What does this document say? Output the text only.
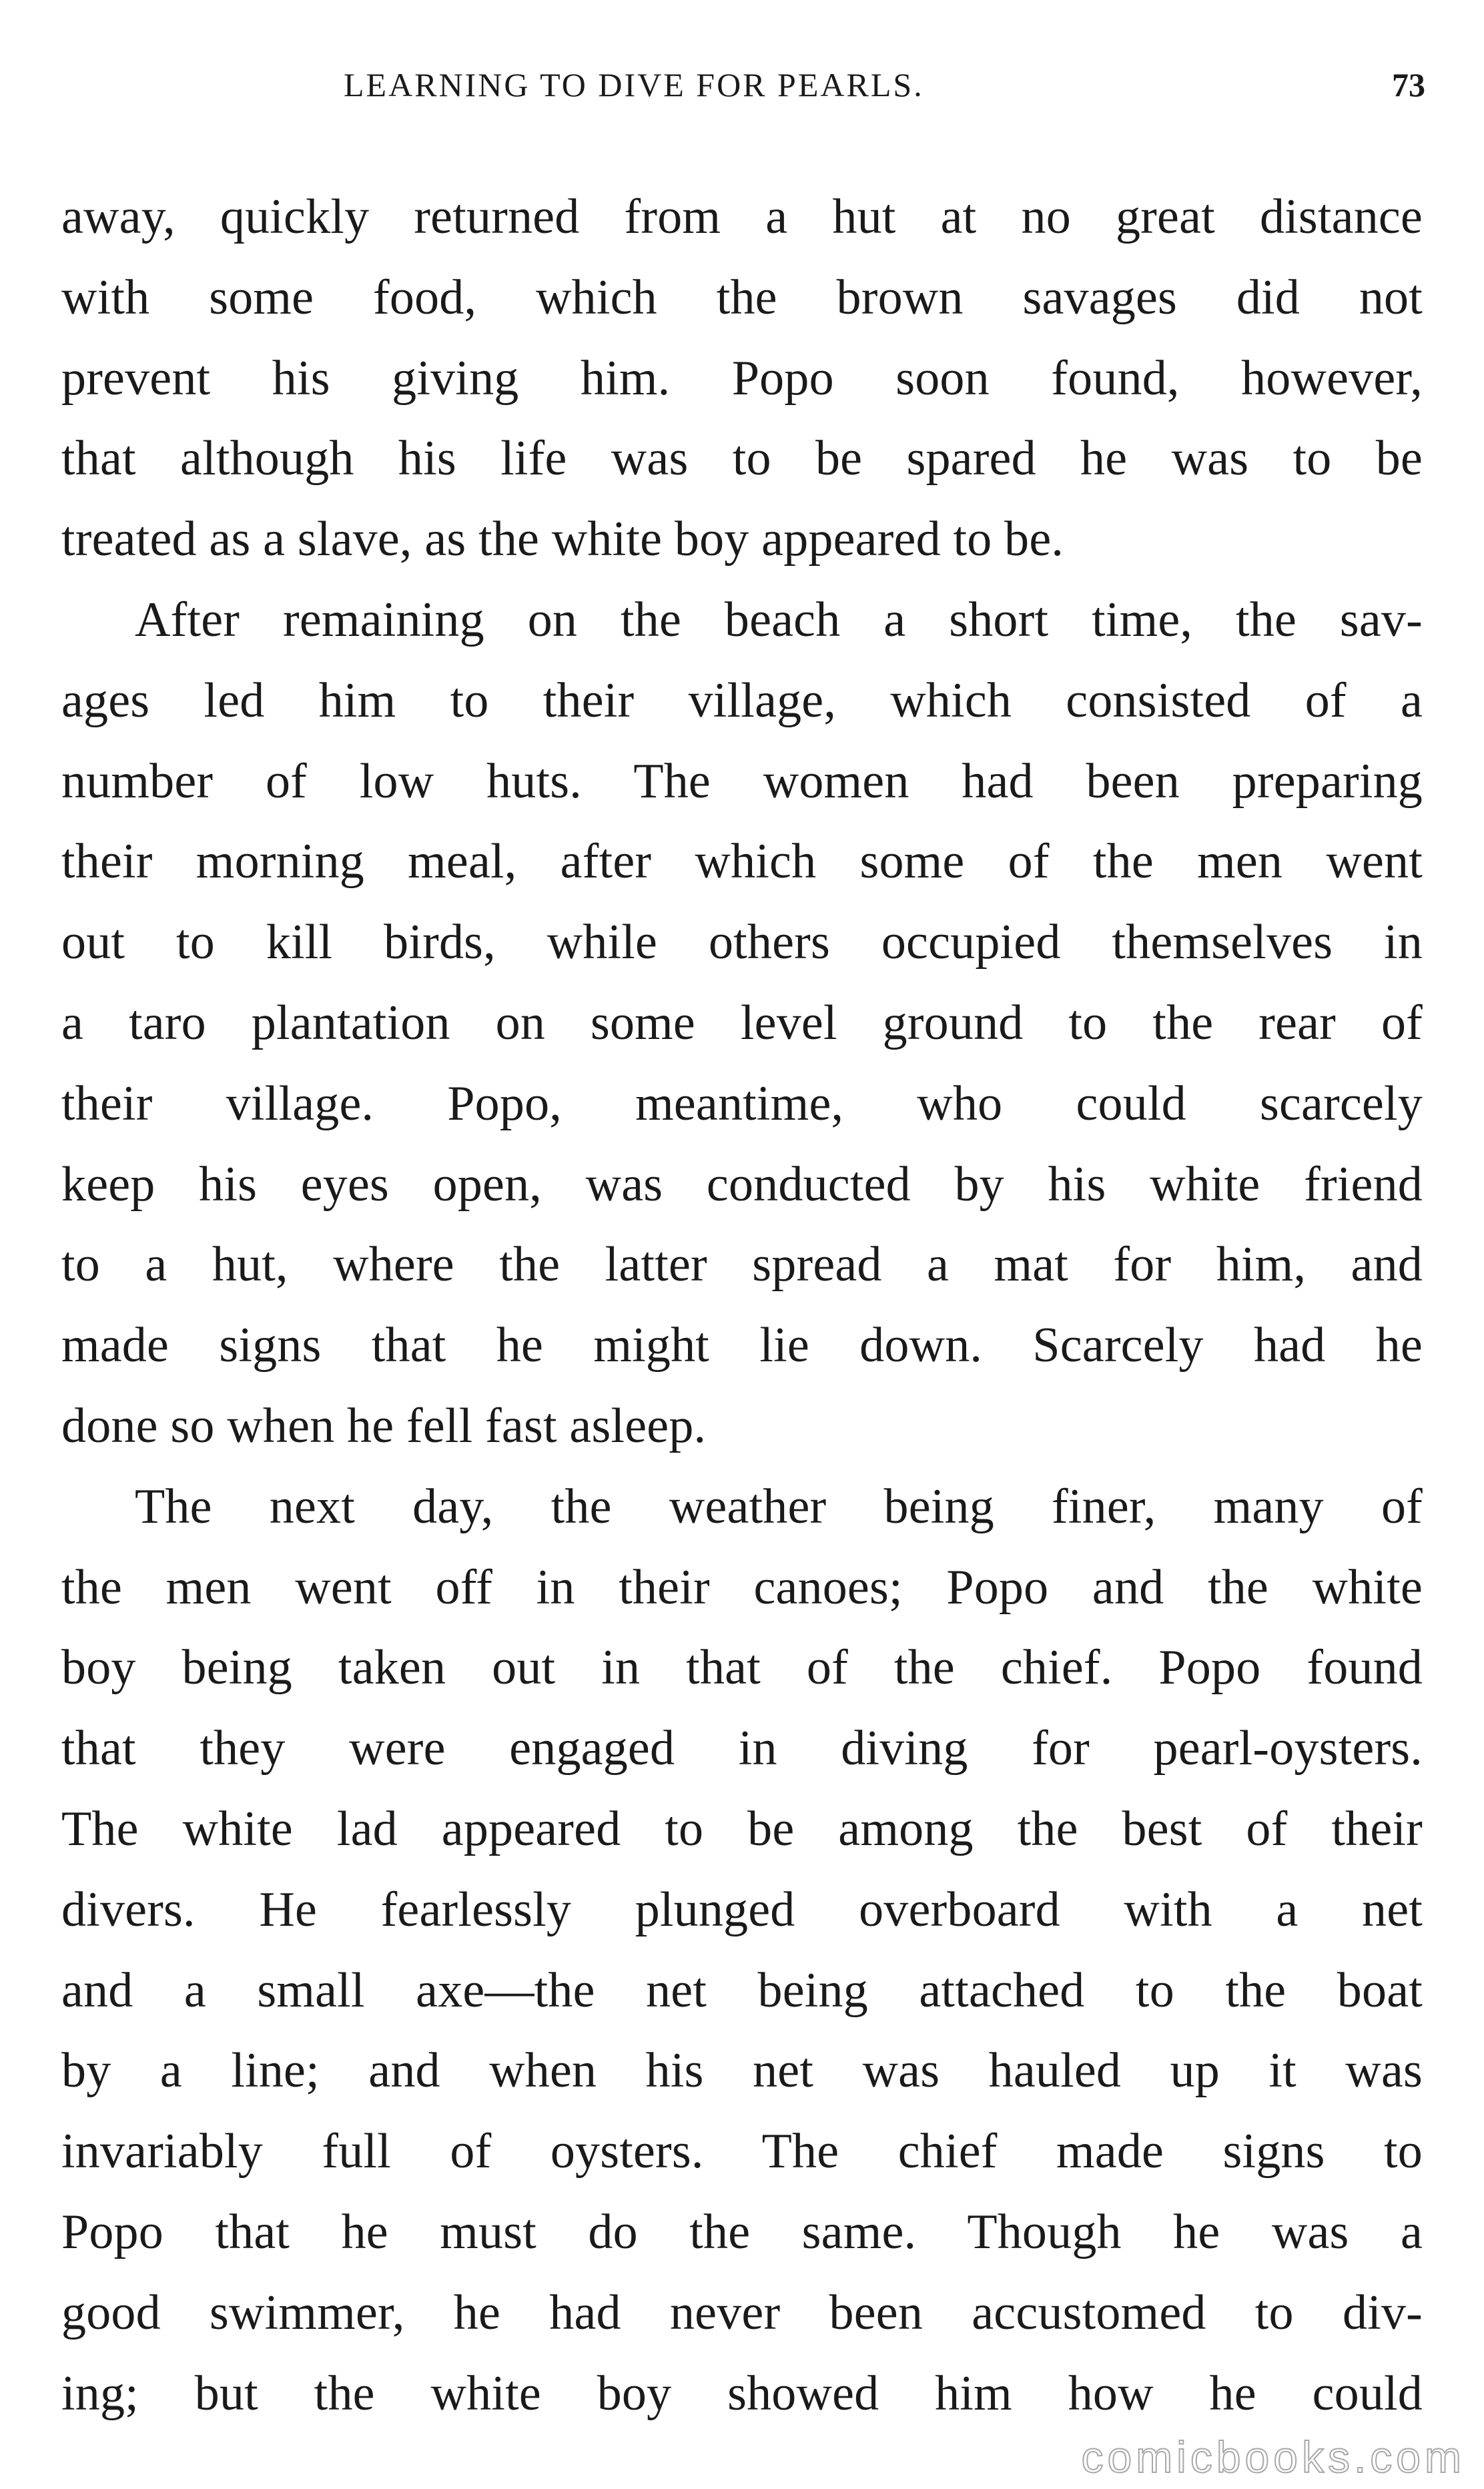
LEARNING TO DIVE FOR PEARLS.	73
away, quickly returned from a hut at no great distance
with some food, which the brown savages did not
prevent his giving him. Popo soon found, however,
that although his life was to be spared he was to be
treated as a slave, as the white boy appeared to be.
After remaining on the beach a short time, the sav-
ages led him to their village, which consisted of a
number of low huts. The women had been preparing
their morning meal, after which some of the men went
out to kill birds, while others occupied themselves in
a taro plantation on some level ground to the rear of
their village. Popo, meantime, who could scarcely
keep his eyes open, was conducted by his white friend
to a hut, where the latter spread a mat for him, and
made signs that he might lie down. Scarcely had he
done so when he fell fast asleep.
The next day, the weather being finer, many of
the men went off in their canoes; Popo and the white
boy being taken out in that of the chief. Popo found
that they were engaged in diving for pearl-oysters.
The white lad appeared to be among the best of their
divers. He fearlessly plunged overboard with a net
and a small axe—the net being attached to the boat
by a line; and when his net was hauled up it was
invariably full of oysters. The chief made signs to
Popo that he must do the same. Though he was a
good swimmer, he had never been accustomed to div-
ing; but the white boy showed him how he could
comicbooks.com
